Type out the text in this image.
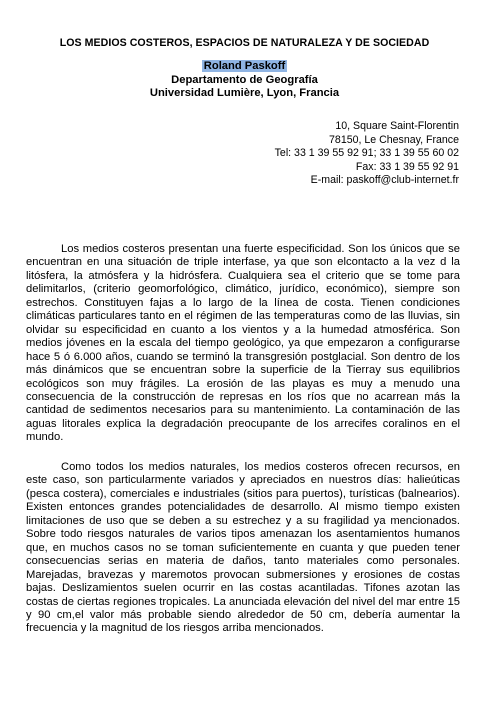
LOS MEDIOS COSTEROS, ESPACIOS DE NATURALEZA Y DE SOCIEDAD
Roland Paskoff
Departamento de Geografía
Universidad Lumière, Lyon, Francia
10, Square Saint-Florentin
78150, Le Chesnay, France
Tel: 33 1 39 55 92 91; 33 1 39 55 60 02
Fax: 33 1 39 55 92 91
E-mail: paskoff@club-internet.fr

Los medios costeros presentan una fuerte especificidad. Son los únicos que se encuentran en una situación de triple interfase, ya que son elcontacto a la vez d la litósfera, la atmósfera y la hidrósfera. Cualquiera sea el criterio que se tome para delimitarlos, (criterio geomorfológico, climático, jurídico, económico), siempre son estrechos. Constituyen fajas a lo largo de la línea de costa. Tienen condiciones climáticas particulares tanto en el régimen de las temperaturas como de las lluvias, sin olvidar su especificidad en cuanto a los vientos y a la humedad atmosférica. Son medios jóvenes en la escala del tiempo geológico, ya que empezaron a configurarse hace 5 ó 6.000 años, cuando se terminó la transgresión postglacial. Son dentro de los más dinámicos que se encuentran sobre la superficie de la Tierray sus equilibrios ecológicos son muy frágiles. La erosión de las playas es muy a menudo una consecuencia de la construcción de represas en los ríos que no acarrean más la cantidad de sedimentos necesarios para su mantenimiento. La contaminación de las aguas litorales explica la degradación preocupante de los arrecifes coralinos en el mundo.

Como todos los medios naturales, los medios costeros ofrecen recursos, en este caso, son particularmente variados y apreciados en nuestros días: halieúticas (pesca costera), comerciales e industriales (sitios para puertos), turísticas (balnearios). Existen entonces grandes potencialidades de desarrollo. Al mismo tiempo existen limitaciones de uso que se deben a su estrechez y a su fragilidad ya mencionados. Sobre todo riesgos naturales de varios tipos amenazan los asentamientos humanos que, en muchos casos no se toman suficientemente en cuanta y que pueden tener consecuencias serias en materia de daños, tanto materiales como personales. Marejadas, bravezas y maremotos provocan submersiones y erosiones de costas bajas. Deslizamientos suelen ocurrir en las costas acantiladas. Tifones azotan las costas de ciertas regiones tropicales. La anunciada elevación del nivel del mar entre 15 y 90 cm,el valor más probable siendo alrededor de 50 cm, debería aumentar la frecuencia y la magnitud de los riesgos arriba mencionados.
